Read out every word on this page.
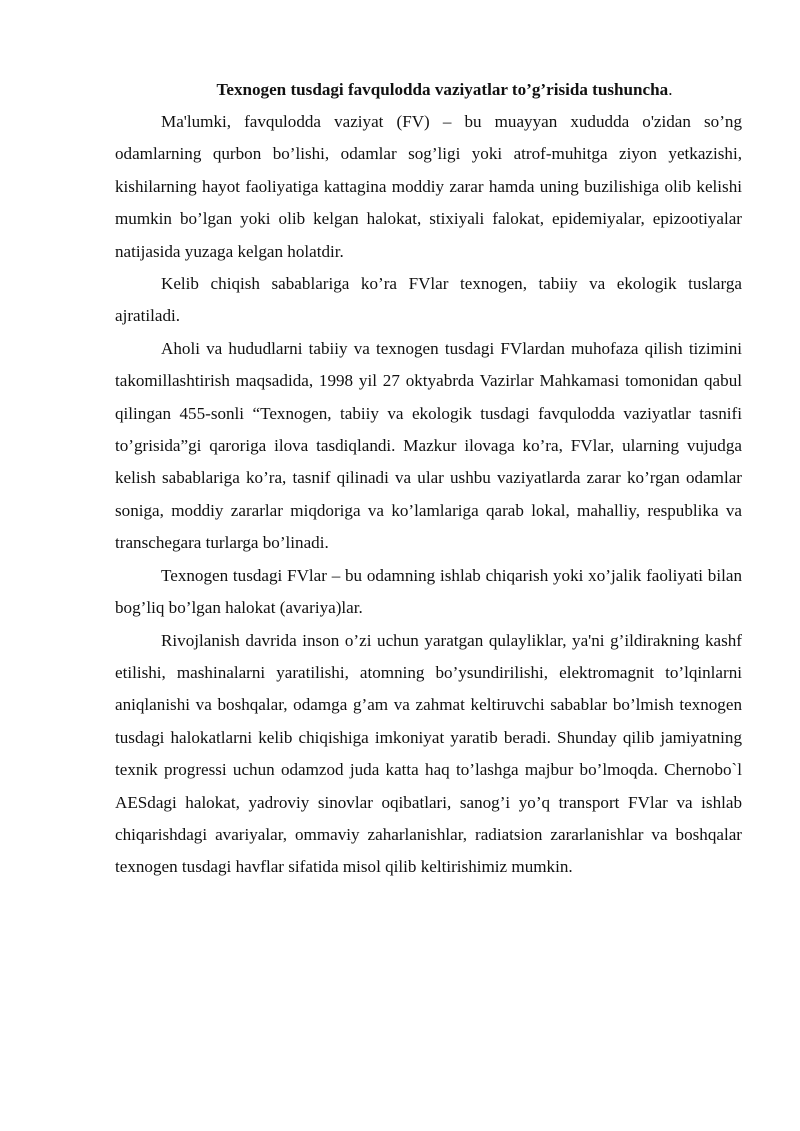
Texnogen tusdagi favqulodda vaziyatlar to’g’risida tushuncha.

Ma'lumki, favqulodda vaziyat (FV) – bu muayyan xududda o'zidan so’ng odamlarning qurbon bo’lishi, odamlar sog’ligi yoki atrof-muhitga ziyon yetkazishi, kishilarning hayot faoliyatiga kattagina moddiy zarar hamda uning buzilishiga olib kelishi mumkin bo’lgan yoki olib kelgan halokat, stixiyali falokat, epidemiyalar, epizootiyalar natijasida yuzaga kelgan holatdir.

Kelib chiqish sabablariga ko’ra FVlar texnogen, tabiiy va ekologik tuslarga ajratiladi.

Aholi va hududlarni tabiiy va texnogen tusdagi FVlardan muhofaza qilish tizimini takomillashtirish maqsadida, 1998 yil 27 oktyabrda Vazirlar Mahkamasi tomonidan qabul qilingan 455-sonli “Texnogen, tabiiy va ekologik tusdagi favqulodda vaziyatlar tasnifi to’grisida”gi qaroriga ilova tasdiqlandi. Mazkur ilovaga ko’ra, FVlar, ularning vujudga kelish sabablariga ko’ra, tasnif qilinadi va ular ushbu vaziyatlarda zarar ko’rgan odamlar soniga, moddiy zararlar miqdoriga va ko’lamlariga qarab lokal, mahalliy, respublika va transchegara turlarga bo’linadi.

Texnogen tusdagi FVlar – bu odamning ishlab chiqarish yoki xo’jalik faoliyati bilan bog’liq bo’lgan halokat (avariya)lar.

Rivojlanish davrida inson o’zi uchun yaratgan qulayliklar, ya'ni g’ildirakning kashf etilishi, mashinalarni yaratilishi, atomning bo’ysundirilishi, elektromagnit to’lqinlarni aniqlanishi va boshqalar, odamga g’am va zahmat keltiruvchi sabablar bo’lmish texnogen tusdagi halokatlarni kelib chiqishiga imkoniyat yaratib beradi. Shunday qilib jamiyatning texnik progressi uchun odamzod juda katta haq to’lashga majbur bo’lmoqda. Chernobo`l AESdagi halokat, yadroviy sinovlar oqibatlari, sanog’i yo’q transport FVlar va ishlab chiqarishdagi avariyalar, ommaviy zaharlanishlar, radiatsion zararlanishlar va boshqalar texnogen tusdagi havflar sifatida misol qilib keltirishimiz mumkin.
